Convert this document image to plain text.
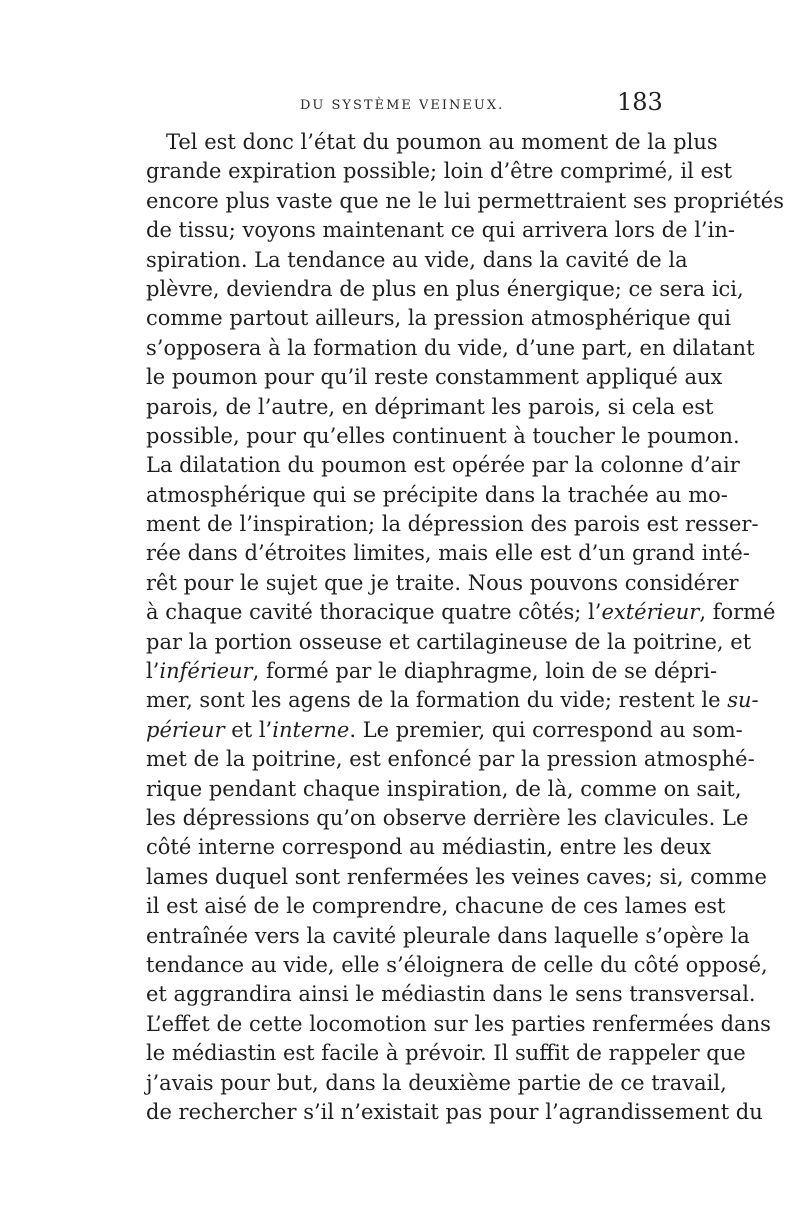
DU SYSTÈME VEINEUX.	183
Tel est donc l’état du poumon au moment de la plus
grande expiration possible; loin d’être comprimé, il est
encore plus vaste que ne le lui permettraient ses propriétés
de tissu; voyons maintenant ce qui arrivera lors de l’in-
spiration. La tendance au vide, dans la cavité de la
plèvre, deviendra de plus en plus énergique; ce sera ici,
comme partout ailleurs, la pression atmosphérique qui
s’opposera à la formation du vide, d’une part, en dilatant
le poumon pour qu’il reste constamment appliqué aux
parois, de l’autre, en déprimant les parois, si cela est
possible, pour qu’elles continuent à toucher le poumon.
La dilatation du poumon est opérée par la colonne d’air
atmosphérique qui se précipite dans la trachée au mo-
ment de l’inspiration; la dépression des parois est resser-
rée dans d’étroites limites, mais elle est d’un grand inté-
rêt pour le sujet que je traite. Nous pouvons considérer
à chaque cavité thoracique quatre côtés; l’extérieur, formé
par la portion osseuse et cartilagineuse de la poitrine, et
l’inférieur, formé par le diaphragme, loin de se dépri-
mer, sont les agens de la formation du vide; restent le su-
périeur et l’interne. Le premier, qui correspond au som-
met de la poitrine, est enfoncé par la pression atmosphé-
rique pendant chaque inspiration, de là, comme on sait,
les dépressions qu’on observe derrière les clavicules. Le
côté interne correspond au médiastin, entre les deux
lames duquel sont renfermées les veines caves; si, comme
il est aisé de le comprendre, chacune de ces lames est
entraînée vers la cavité pleurale dans laquelle s’opère la
tendance au vide, elle s’éloignera de celle du côté opposé,
et aggrandira ainsi le médiastin dans le sens transversal.
L’effet de cette locomotion sur les parties renfermées dans
le médiastin est facile à prévoir. Il suffit de rappeler que
j’avais pour but, dans la deuxième partie de ce travail,
de rechercher s’il n’existait pas pour l’agrandissement du
